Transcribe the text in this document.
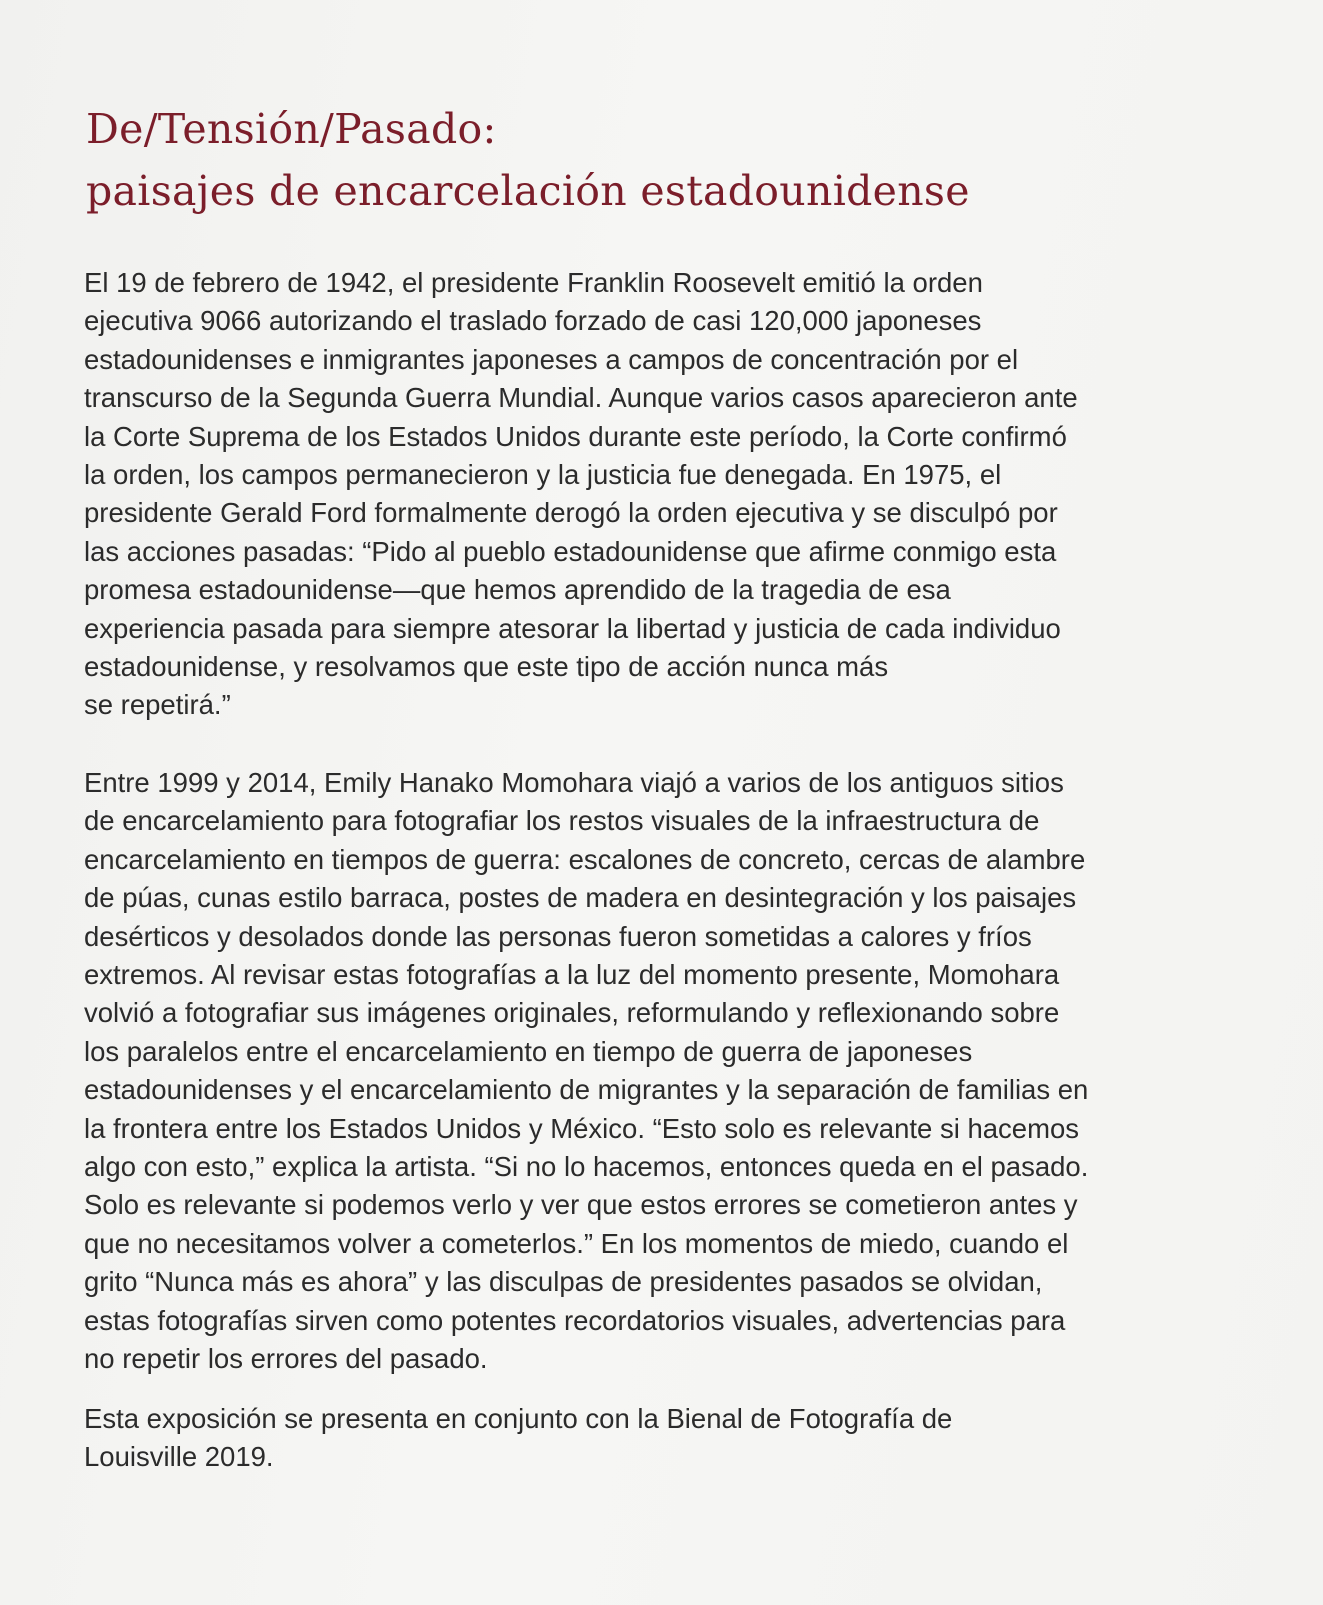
De/Tensión/Pasado:
paisajes de encarcelación estadounidense

El 19 de febrero de 1942, el presidente Franklin Roosevelt emitió la orden
ejecutiva 9066 autorizando el traslado forzado de casi 120,000 japoneses
estadounidenses e inmigrantes japoneses a campos de concentración por el
transcurso de la Segunda Guerra Mundial. Aunque varios casos aparecieron ante
la Corte Suprema de los Estados Unidos durante este período, la Corte confirmó
la orden, los campos permanecieron y la justicia fue denegada. En 1975, el
presidente Gerald Ford formalmente derogó la orden ejecutiva y se disculpó por
las acciones pasadas: “Pido al pueblo estadounidense que afirme conmigo esta
promesa estadounidense—que hemos aprendido de la tragedia de esa
experiencia pasada para siempre atesorar la libertad y justicia de cada individuo
estadounidense, y resolvamos que este tipo de acción nunca más
se repetirá.”

Entre 1999 y 2014, Emily Hanako Momohara viajó a varios de los antiguos sitios
de encarcelamiento para fotografiar los restos visuales de la infraestructura de
encarcelamiento en tiempos de guerra: escalones de concreto, cercas de alambre
de púas, cunas estilo barraca, postes de madera en desintegración y los paisajes
desérticos y desolados donde las personas fueron sometidas a calores y fríos
extremos. Al revisar estas fotografías a la luz del momento presente, Momohara
volvió a fotografiar sus imágenes originales, reformulando y reflexionando sobre
los paralelos entre el encarcelamiento en tiempo de guerra de japoneses
estadounidenses y el encarcelamiento de migrantes y la separación de familias en
la frontera entre los Estados Unidos y México. “Esto solo es relevante si hacemos
algo con esto,” explica la artista. “Si no lo hacemos, entonces queda en el pasado.
Solo es relevante si podemos verlo y ver que estos errores se cometieron antes y
que no necesitamos volver a cometerlos.” En los momentos de miedo, cuando el
grito “Nunca más es ahora” y las disculpas de presidentes pasados se olvidan,
estas fotografías sirven como potentes recordatorios visuales, advertencias para
no repetir los errores del pasado.

Esta exposición se presenta en conjunto con la Bienal de Fotografía de
Louisville 2019.
